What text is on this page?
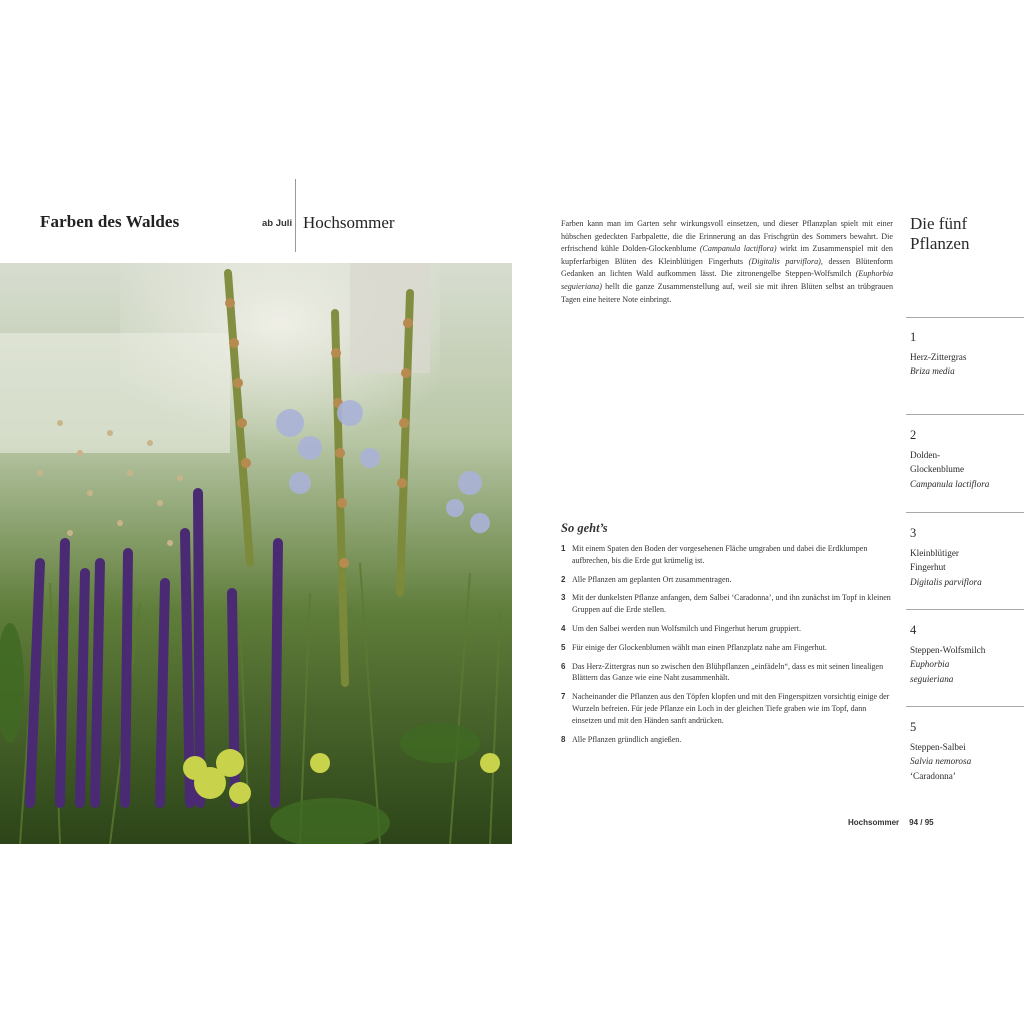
Farben des Waldes	ab Juli Hochsommer	Farben kann man im Garten sehr wirkungsvoll einsetzen, und dieser Pflanzplan spielt mit einer hübschen gedeckten Farbpalette, die die Erinnerung an das Frischgrün des Sommers bewahrt. Die erfrischend kühle Dolden-Glockenblume (Campanula lactiflora) wirkt im Zusammenspiel mit den kupferfarbigen Blüten des Kleinblütigen Fingerhuts (Digitalis parviflora), dessen Blütenform Gedanken an lichten Wald aufkommen lässt. Die zitronengelbe Steppen-Wolfsmilch (Euphorbia seguieriana) hellt die ganze Zusammenstellung auf, weil sie mit ihren Blüten selbst an trübgrauen Tagen eine heitere Note einbringt.
So geht’s
1 Mit einem Spaten den Boden der vorgesehenen Fläche umgraben und dabei die Erdklumpen aufbrechen, bis die Erde gut krümelig ist.
2 Alle Pflanzen am geplanten Ort zusammentragen.
3 Mit der dunkelsten Pflanze anfangen, dem Salbei ‘Caradonna’, und ihn zunächst im Topf in kleinen Gruppen auf die Erde stellen.
4 Um den Salbei werden nun Wolfsmilch und Fingerhut herum gruppiert.
5 Für einige der Glockenblumen wählt man einen Pflanzplatz nahe am Fingerhut.
6 Das Herz-Zittergras nun so zwischen den Blühpflanzen „einfädeln“, dass es mit seinen linealigen Blättern das Ganze wie eine Naht zusammenhält.
7 Nacheinander die Pflanzen aus den Töpfen klopfen und mit den Fingerspitzen vorsichtig einige der Wurzeln befreien. Für jede Pflanze ein Loch in der gleichen Tiefe graben wie im Topf, dann einsetzen und mit den Händen sanft andrücken.
8 Alle Pflanzen gründlich angießen.
Die fünf
Pflanzen
1
Herz-Zittergras
Briza media
2
Dolden-Glockenblume
Campanula lactiflora
3
Kleinblütiger Fingerhut
Digitalis parviflora
4
Steppen-Wolfsmilch
Euphorbia seguieriana
5
Steppen-Salbei
Salvia nemorosa
‘Caradonna’
Hochsommer 94 / 95
